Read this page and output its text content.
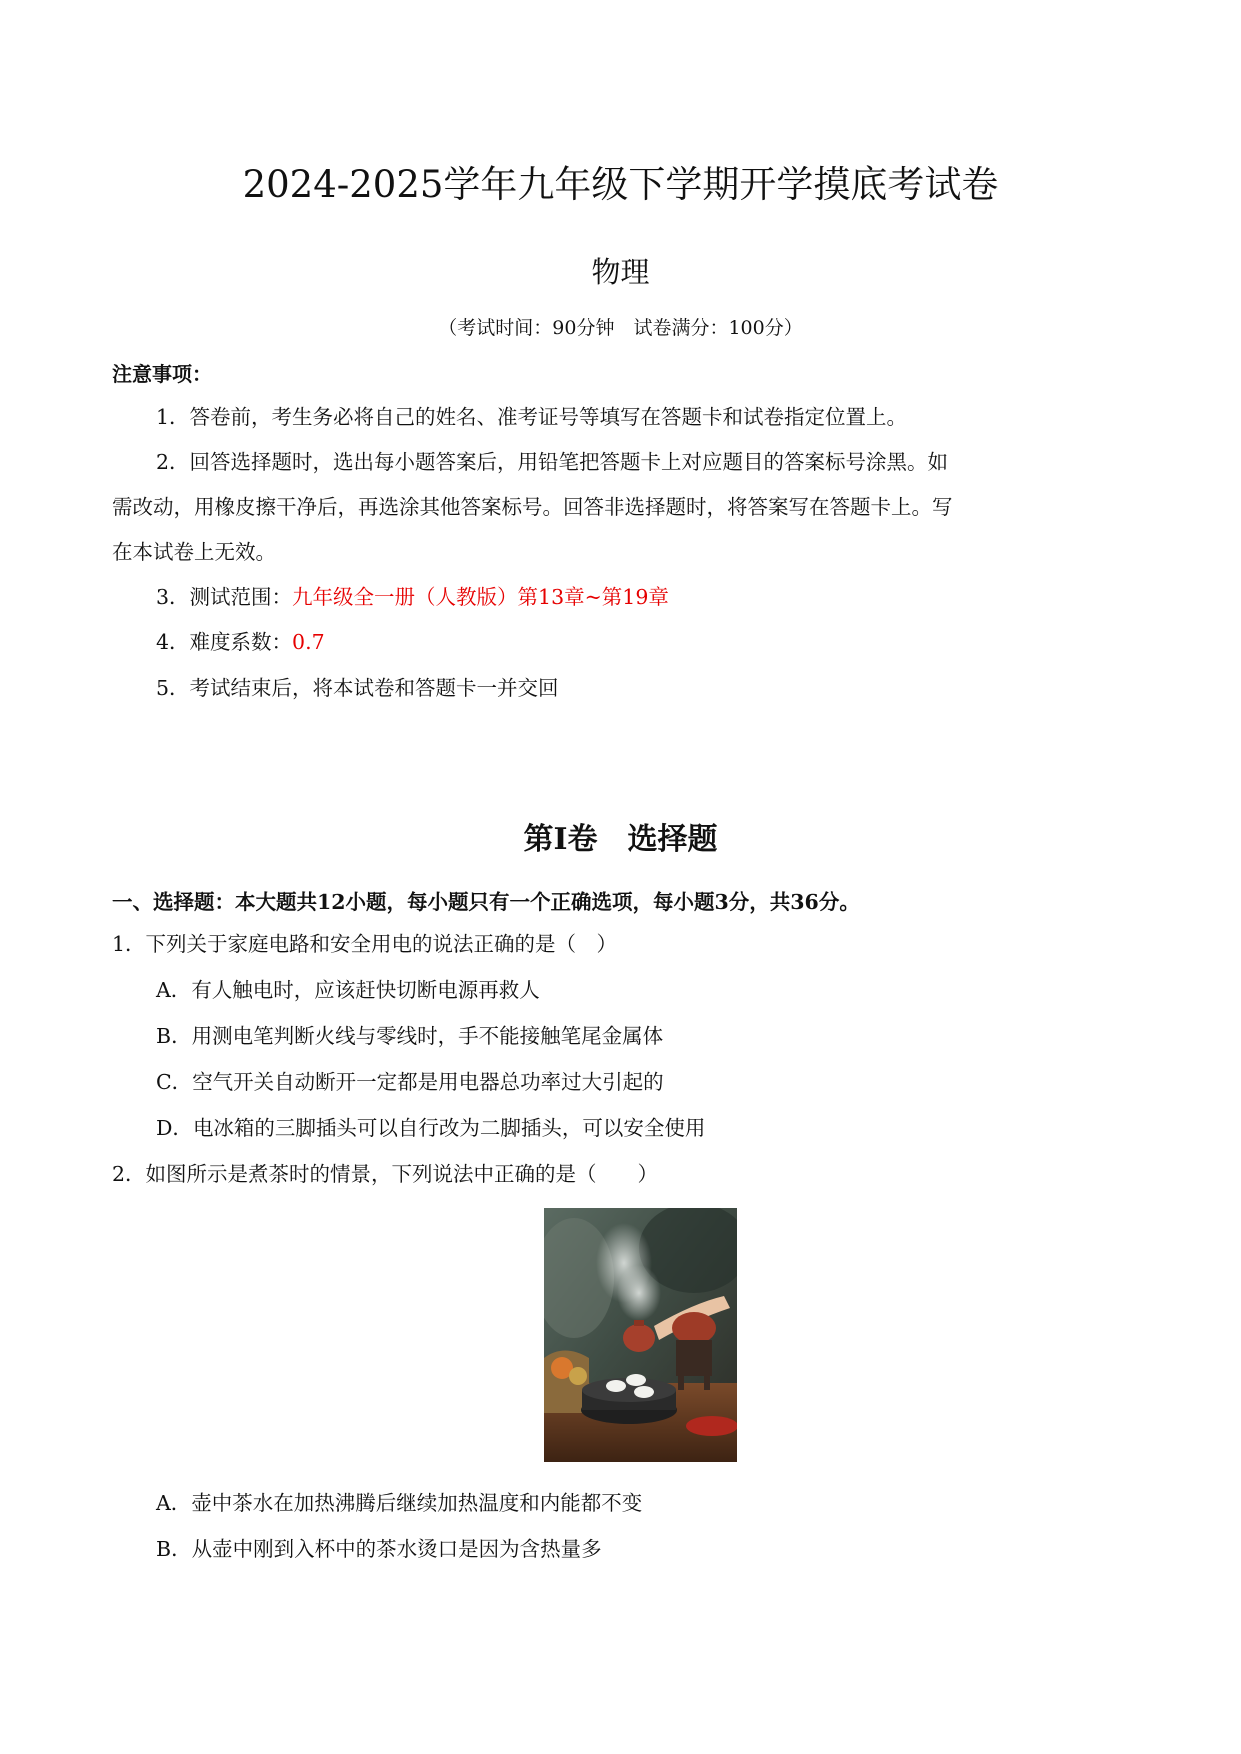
2024-2025学年九年级下学期开学摸底考试卷
物理
（考试时间：90分钟　试卷满分：100分）
注意事项：
1．答卷前，考生务必将自己的姓名、准考证号等填写在答题卡和试卷指定位置上。
2．回答选择题时，选出每小题答案后，用铅笔把答题卡上对应题目的答案标号涂黑。如
需改动，用橡皮擦干净后，再选涂其他答案标号。回答非选择题时，将答案写在答题卡上。写
在本试卷上无效。
3．测试范围：九年级全一册（人教版）第13章~第19章
4．难度系数：0.7
5．考试结束后，将本试卷和答题卡一并交回
第Ⅰ卷　选择题
一、选择题：本大题共12小题，每小题只有一个正确选项，每小题3分，共36分。
1．下列关于家庭电路和安全用电的说法正确的是（　）
A．有人触电时，应该赶快切断电源再救人
B．用测电笔判断火线与零线时，手不能接触笔尾金属体
C．空气开关自动断开一定都是用电器总功率过大引起的
D．电冰箱的三脚插头可以自行改为二脚插头，可以安全使用
2．如图所示是煮茶时的情景，下列说法中正确的是（　　）
A．壶中茶水在加热沸腾后继续加热温度和内能都不变
B．从壶中刚到入杯中的茶水烫口是因为含热量多
